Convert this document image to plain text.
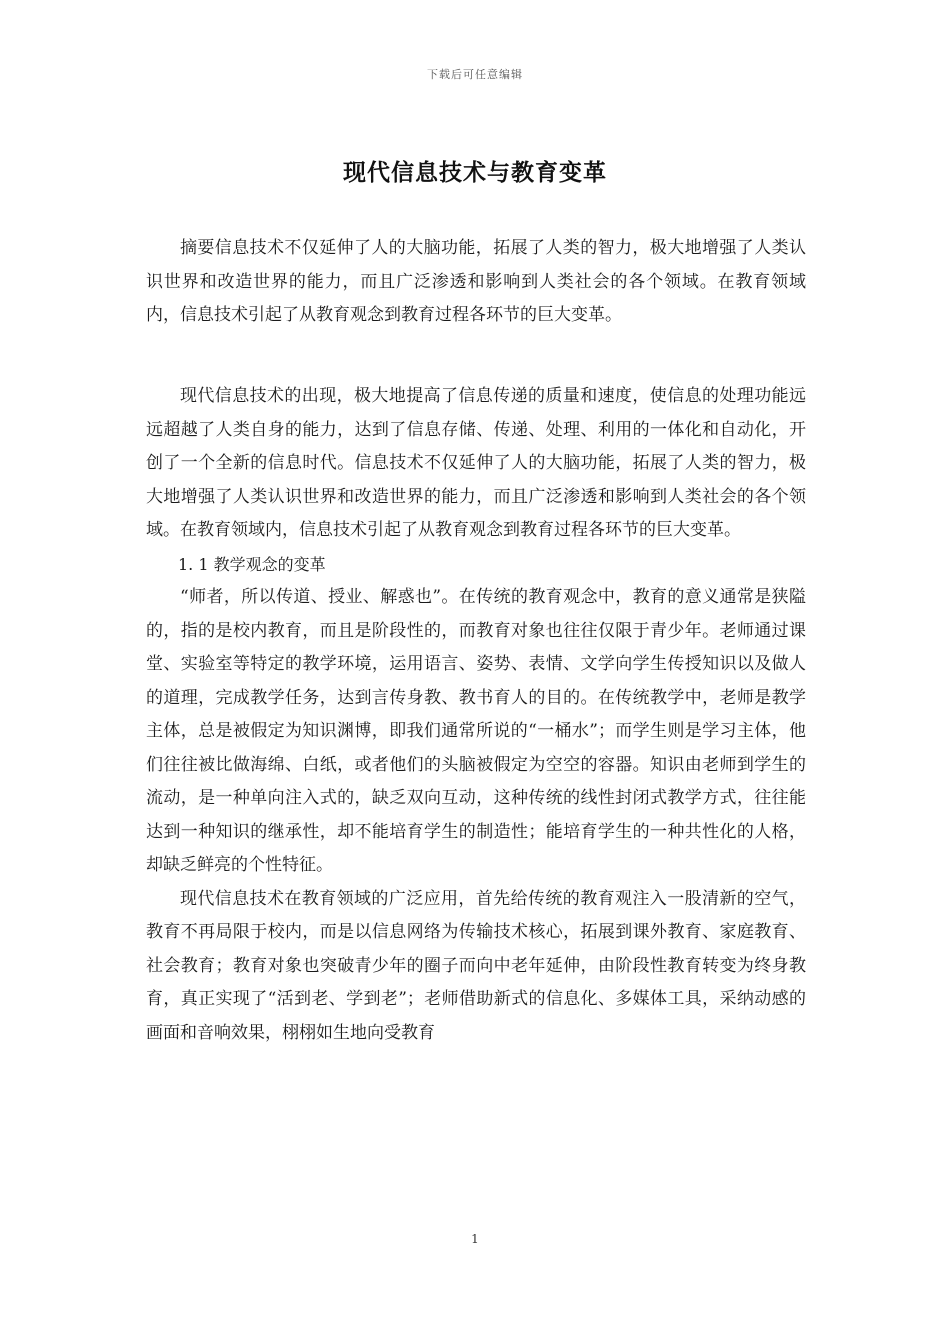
下载后可任意编辑
现代信息技术与教育变革

摘要信息技术不仅延伸了人的大脑功能，拓展了人类的智力，极大地增强了人类认识世界和改造世界的能力，而且广泛渗透和影响到人类社会的各个领域。在教育领域内，信息技术引起了从教育观念到教育过程各环节的巨大变革。

现代信息技术的出现，极大地提高了信息传递的质量和速度，使信息的处理功能远远超越了人类自身的能力，达到了信息存储、传递、处理、利用的一体化和自动化，开创了一个全新的信息时代。信息技术不仅延伸了人的大脑功能，拓展了人类的智力，极大地增强了人类认识世界和改造世界的能力，而且广泛渗透和影响到人类社会的各个领域。在教育领域内，信息技术引起了从教育观念到教育过程各环节的巨大变革。

1. 1 教学观念的变革

“师者，所以传道、授业、解惑也”。在传统的教育观念中，教育的意义通常是狭隘的，指的是校内教育，而且是阶段性的，而教育对象也往往仅限于青少年。老师通过课堂、实验室等特定的教学环境，运用语言、姿势、表情、文学向学生传授知识以及做人的道理，完成教学任务，达到言传身教、教书育人的目的。在传统教学中，老师是教学主体，总是被假定为知识渊博，即我们通常所说的“一桶水”；而学生则是学习主体，他们往往被比做海绵、白纸，或者他们的头脑被假定为空空的容器。知识由老师到学生的流动，是一种单向注入式的，缺乏双向互动，这种传统的线性封闭式教学方式，往往能达到一种知识的继承性，却不能培育学生的制造性；能培育学生的一种共性化的人格，却缺乏鲜亮的个性特征。

现代信息技术在教育领域的广泛应用，首先给传统的教育观注入一股清新的空气，教育不再局限于校内，而是以信息网络为传输技术核心，拓展到课外教育、家庭教育、社会教育；教育对象也突破青少年的圈子而向中老年延伸，由阶段性教育转变为终身教育，真正实现了“活到老、学到老”；老师借助新式的信息化、多媒体工具，采纳动感的画面和音响效果，栩栩如生地向受教育

1
